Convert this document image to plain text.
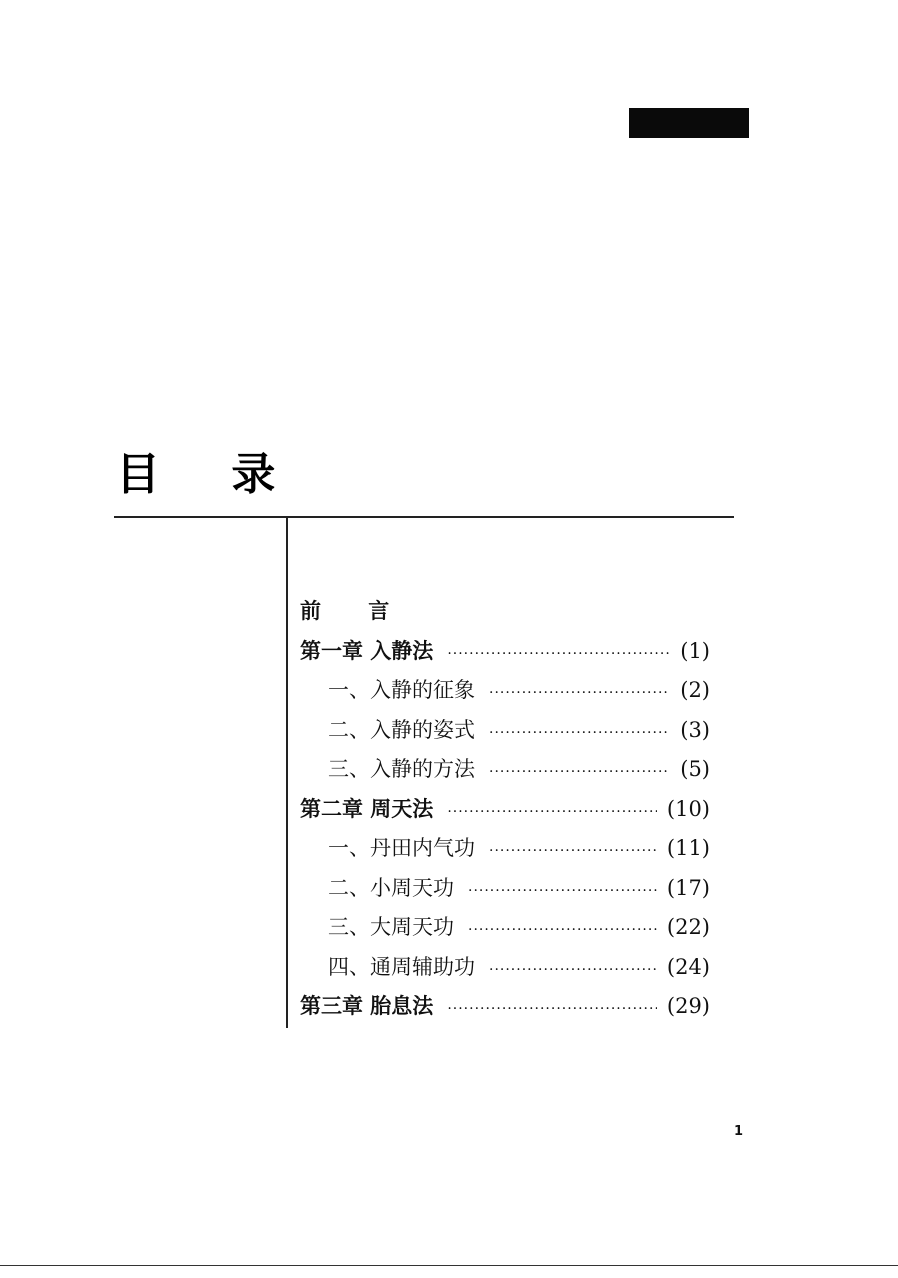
目 录
前 言
第一章 入静法 ·····	(1)
一、入静的征象 ·····	(2)
二、入静的姿式 ·····	(3)
三、入静的方法 ·····	(5)
第二章 周天法 ·····	(10)
一、丹田内气功 ·····	(11)
二、小周天功 ·····	(17)
三、大周天功 ·····	(22)
四、通周辅助功 ·····	(24)
第三章 胎息法 ·····	(29)
1
